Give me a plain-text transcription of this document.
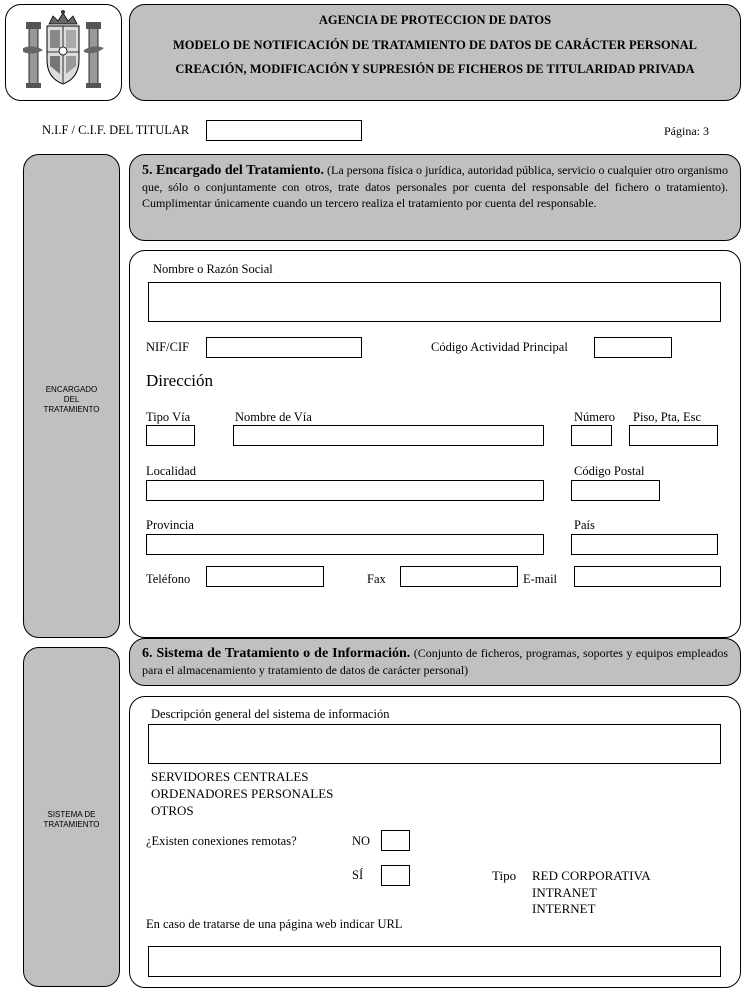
AGENCIA DE PROTECCION DE DATOS
MODELO DE NOTIFICACIÓN DE TRATAMIENTO DE DATOS DE CARÁCTER PERSONAL
CREACIÓN, MODIFICACIÓN Y SUPRESIÓN DE FICHEROS DE TITULARIDAD PRIVADA
N.I.F / C.I.F. DEL TITULAR	Página: 3
ENCARGADO
DEL
TRATAMIENTO
5. Encargado del Tratamiento. (La persona física o jurídica, autoridad pública, servicio o cualquier otro organismo que, sólo o conjuntamente con otros, trate datos personales por cuenta del responsable del fichero o tratamiento). Cumplimentar únicamente cuando un tercero realiza el tratamiento por cuenta del responsable.
Nombre o Razón Social
NIF/CIF	Código Actividad Principal
Dirección
Tipo Vía	Nombre de Vía	Número Piso, Pta, Esc
Localidad	Código Postal
Provincia	País
Teléfono	Fax	E-mail
SISTEMA DE
TRATAMIENTO
6. Sistema de Tratamiento o de Información. (Conjunto de ficheros, programas, soportes y equipos empleados para el almacenamiento y tratamiento de datos de carácter personal)
Descripción general del sistema de información
SERVIDORES CENTRALES
ORDENADORES PERSONALES
OTROS
¿Existen conexiones remotas?	NO
SÍ	Tipo RED CORPORATIVA
INTRANET
INTERNET
En caso de tratarse de una página web indicar URL
